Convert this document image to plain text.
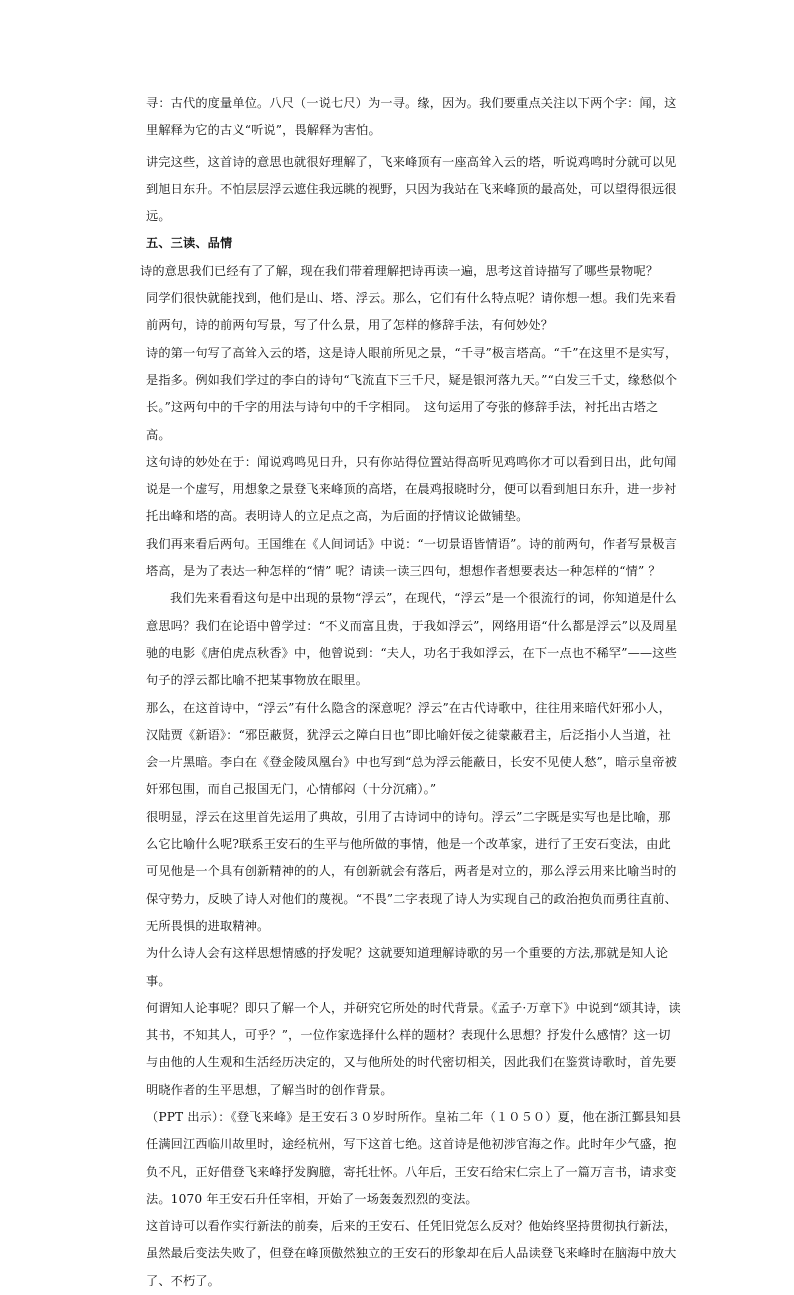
寻：古代的度量单位。八尺（一说七尺）为一寻。缘，因为。我们要重点关注以下两个字：闻，这里解释为它的古义“听说”，畏解释为害怕。

讲完这些，这首诗的意思也就很好理解了，飞来峰顶有一座高耸入云的塔，听说鸡鸣时分就可以见到旭日东升。不怕层层浮云遮住我远眺的视野，只因为我站在飞来峰顶的最高处，可以望得很远很远。

五、三读、品情

诗的意思我们已经有了了解，现在我们带着理解把诗再读一遍，思考这首诗描写了哪些景物呢？

同学们很快就能找到，他们是山、塔、浮云。那么，它们有什么特点呢？请你想一想。我们先来看前两句，诗的前两句写景，写了什么景，用了怎样的修辞手法，有何妙处？

诗的第一句写了高耸入云的塔，这是诗人眼前所见之景，“千寻”极言塔高。“千”在这里不是实写，是指多。例如我们学过的李白的诗句“飞流直下三千尺，疑是银河落九天。”“白发三千丈，缘愁似个长。”这两句中的千字的用法与诗句中的千字相同。　这句运用了夸张的修辞手法，衬托出古塔之高。

这句诗的妙处在于：闻说鸡鸣见日升，只有你站得位置站得高听见鸡鸣你才可以看到日出，此句闻说是一个虚写，用想象之景登飞来峰顶的高塔，在晨鸡报晓时分，便可以看到旭日东升，进一步衬托出峰和塔的高。表明诗人的立足点之高，为后面的抒情议论做铺垫。

我们再来看后两句。王国维在《人间词话》中说：“一切景语皆情语”。诗的前两句，作者写景极言塔高，是为了表达一种怎样的“情” 呢？请读一读三四句，想想作者想要表达一种怎样的“情” ？

我们先来看看这句是中出现的景物“浮云”，在现代，“浮云”是一个很流行的词，你知道是什么意思吗？我们在论语中曾学过：“不义而富且贵，于我如浮云”，网络用语“什么都是浮云”以及周星驰的电影《唐伯虎点秋香》中，他曾说到：“夫人，功名于我如浮云，在下一点也不稀罕”——这些句子的浮云都比喻不把某事物放在眼里。

那么，在这首诗中，“浮云”有什么隐含的深意呢？浮云”在古代诗歌中，往往用来暗代奸邪小人，汉陆贾《新语》：“邪臣蔽贤，犹浮云之障白日也”即比喻奸佞之徒蒙蔽君主，后泛指小人当道，社会一片黑暗。李白在《登金陵凤凰台》中也写到“总为浮云能蔽日，长安不见使人愁”，暗示皇帝被奸邪包围，而自己报国无门，心情郁闷（十分沉痛）。”

很明显，浮云在这里首先运用了典故，引用了古诗词中的诗句。浮云”二字既是实写也是比喻，那么它比喻什么呢?联系王安石的生平与他所做的事情，他是一个改革家，进行了王安石变法，由此可见他是一个具有创新精神的的人，有创新就会有落后，两者是对立的，那么浮云用来比喻当时的保守势力，反映了诗人对他们的蔑视。“不畏”二字表现了诗人为实现自己的政治抱负而勇往直前、无所畏惧的进取精神。

为什么诗人会有这样思想情感的抒发呢？这就要知道理解诗歌的另一个重要的方法,那就是知人论事。

何谓知人论事呢？即只了解一个人，并研究它所处的时代背景。《孟子·万章下》中说到“颂其诗，读其书，不知其人，可乎？”，一位作家选择什么样的题材？表现什么思想？抒发什么感情？这一切与由他的人生观和生活经历决定的，又与他所处的时代密切相关，因此我们在鉴赏诗歌时，首先要明晓作者的生平思想，了解当时的创作背景。

（PPT 出示）：《登飞来峰》是王安石３０岁时所作。皇祐二年（１０５０）夏，他在浙江鄞县知县任满回江西临川故里时，途经杭州，写下这首七绝。这首诗是他初涉官海之作。此时年少气盛，抱负不凡，正好借登飞来峰抒发胸臆，寄托壮怀。八年后，王安石给宋仁宗上了一篇万言书，请求变法。1070 年王安石升任宰相，开始了一场轰轰烈烈的变法。

这首诗可以看作实行新法的前奏，后来的王安石、任凭旧党怎么反对？他始终坚持贯彻执行新法，虽然最后变法失败了，但登在峰顶傲然独立的王安石的形象却在后人品读登飞来峰时在脑海中放大了、不朽了。
